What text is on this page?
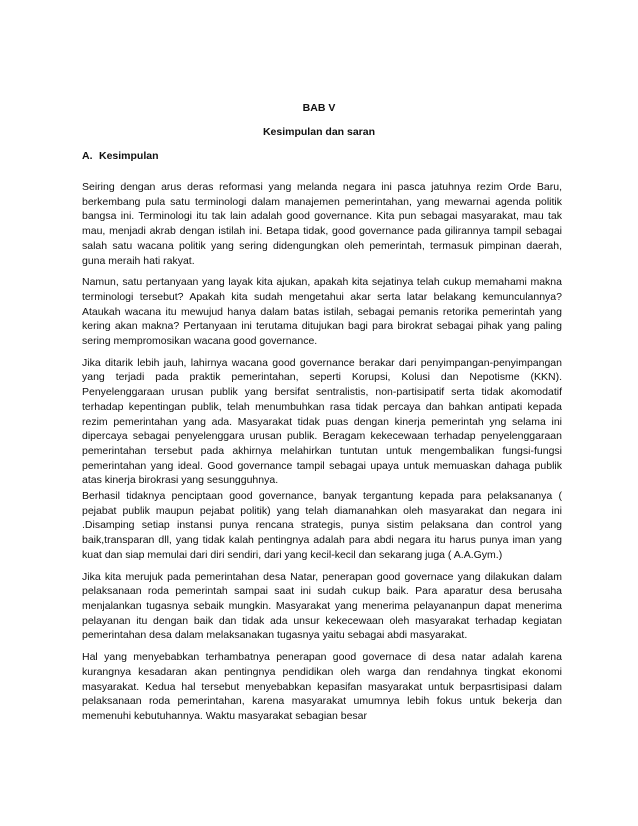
BAB V
Kesimpulan dan saran
A. Kesimpulan

Seiring dengan arus deras reformasi yang melanda negara ini pasca jatuhnya rezim Orde Baru, berkembang pula satu terminologi dalam manajemen pemerintahan, yang mewarnai agenda politik bangsa ini. Terminologi itu tak lain adalah good governance. Kita pun sebagai masyarakat, mau tak mau, menjadi akrab dengan istilah ini. Betapa tidak, good governance pada gilirannya tampil sebagai salah satu wacana politik yang sering didengungkan oleh pemerintah, termasuk pimpinan daerah, guna meraih hati rakyat.

Namun, satu pertanyaan yang layak kita ajukan, apakah kita sejatinya telah cukup memahami makna terminologi tersebut? Apakah kita sudah mengetahui akar serta latar belakang kemunculannya? Ataukah wacana itu mewujud hanya dalam batas istilah, sebagai pemanis retorika pemerintah yang kering akan makna? Pertanyaan ini terutama ditujukan bagi para birokrat sebagai pihak yang paling sering mempromosikan wacana good governance.

Jika ditarik lebih jauh, lahirnya wacana good governance berakar dari penyimpangan-penyimpangan yang terjadi pada praktik pemerintahan, seperti Korupsi, Kolusi dan Nepotisme (KKN). Penyelenggaraan urusan publik yang bersifat sentralistis, non-partisipatif serta tidak akomodatif terhadap kepentingan publik, telah menumbuhkan rasa tidak percaya dan bahkan antipati kepada rezim pemerintahan yang ada. Masyarakat tidak puas dengan kinerja pemerintah yng selama ini dipercaya sebagai penyelenggara urusan publik. Beragam kekecewaan terhadap penyelenggaraan pemerintahan tersebut pada akhirnya melahirkan tuntutan untuk mengembalikan fungsi-fungsi pemerintahan yang ideal. Good governance tampil sebagai upaya untuk memuaskan dahaga publik atas kinerja birokrasi yang sesungguhnya.

Berhasil tidaknya penciptaan good governance, banyak tergantung kepada para pelaksananya ( pejabat publik maupun pejabat politik) yang telah diamanahkan oleh masyarakat dan negara ini .Disamping setiap instansi punya rencana strategis, punya sistim pelaksana dan control yang baik,transparan dll, yang tidak kalah pentingnya adalah para abdi negara itu harus punya iman yang kuat dan siap memulai dari diri sendiri, dari yang kecil-kecil dan sekarang juga ( A.A.Gym.)

Jika kita merujuk pada pemerintahan desa Natar, penerapan good governace yang dilakukan dalam pelaksanaan roda pemerintah sampai saat ini sudah cukup baik. Para aparatur desa berusaha menjalankan tugasnya sebaik mungkin. Masyarakat yang menerima pelayananpun dapat menerima pelayanan itu dengan baik dan tidak ada unsur kekecewaan oleh masyarakat terhadap kegiatan pemerintahan desa dalam melaksanakan tugasnya yaitu sebagai abdi masyarakat.

Hal yang menyebabkan terhambatnya penerapan good governace di desa natar adalah karena kurangnya kesadaran akan pentingnya pendidikan oleh warga dan rendahnya tingkat ekonomi masyarakat. Kedua hal tersebut menyebabkan kepasifan masyarakat untuk berpasrtisipasi dalam pelaksanaan roda pemerintahan, karena masyarakat umumnya lebih fokus untuk bekerja dan memenuhi kebutuhannya. Waktu masyarakat sebagian besar
